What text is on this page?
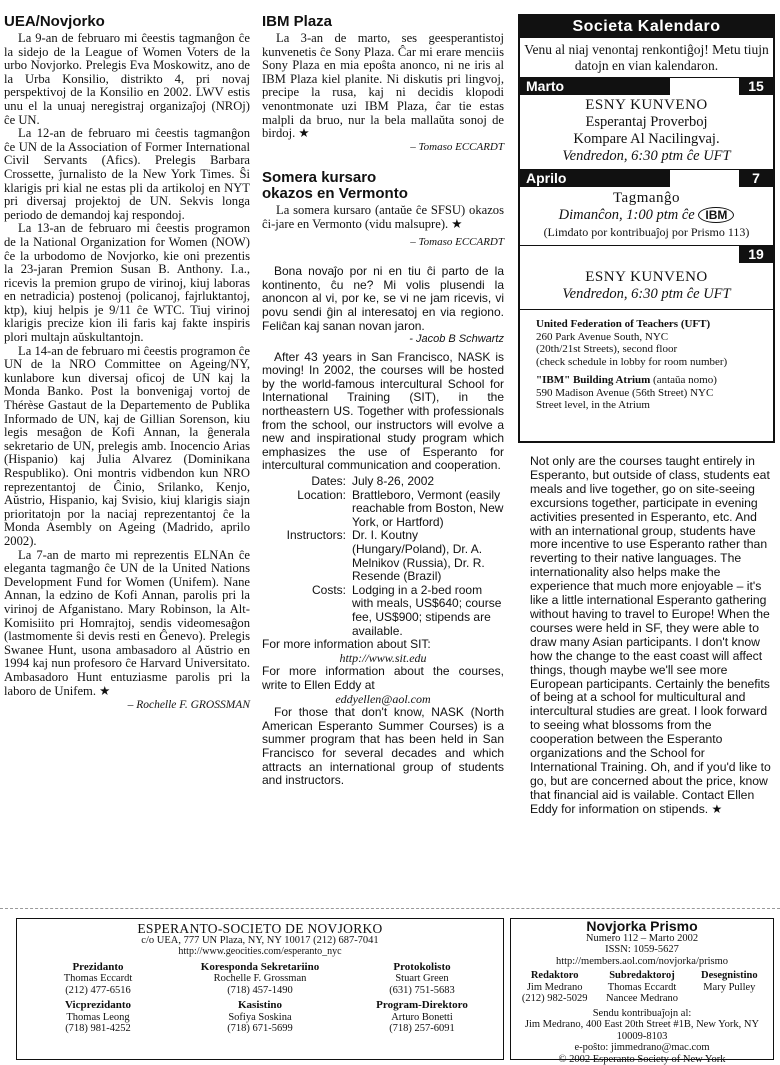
UEA/Novjorko

La 9-an de februaro mi ĉeestis tagmanĝon ĉe la sidejo de la League of Women Voters de la urbo Novjorko. Prelegis Eva Moskowitz, ano de la Urba Konsilio, distrikto 4, pri novaj perspektivoj de la Konsilio en 2002. LWV estis unu el la unuaj neregistraj organizaĵoj (NROj) ĉe UN.

La 12-an de februaro mi ĉeestis tagmanĝon ĉe UN de la Association of Former International Civil Servants (Afics). Prelegis Barbara Crossette, ĵurnalisto de la New York Times. Ŝi klarigis pri kial ne estas pli da artikoloj en NYT pri diversaj projektoj de UN. Sekvis longa periodo de demandoj kaj respondoj.

La 13-an de februaro mi ĉeestis programon de la National Organization for Women (NOW) ĉe la urbodomo de Novjorko, kie oni prezentis la 23-jaran Premion Susan B. Anthony. I.a., ricevis la premion grupo de virinoj, kiuj laboras en netradicia) postenoj (policanoj, fajrluktantoj, ktp), kiuj helpis je 9/11 ĉe WTC. Tiuj virinoj klarigis precize kion ili faris kaj fakte inspiris plori multajn aŭskultantojn.

La 14-an de februaro mi ĉeestis programon ĉe UN de la NRO Committee on Ageing/NY, kunlabore kun diversaj oficoj de UN kaj la Monda Banko. Post la bonvenigaj vortoj de Thérèse Gastaut de la Departemento de Publika Informado de UN, kaj de Gillian Sorenson, kiu legis mesaĝon de Kofi Annan, la ĝenerala sekretario de UN, prelegis amb. Inocencio Arias (Hispanio) kaj Julia Alvarez (Dominikana Respubliko). Oni montris vidbendon kun NRO reprezentantoj de Ĉinio, Srilanko, Kenjo, Aŭstrio, Hispanio, kaj Svisio, kiuj klarigis siajn prioritatojn por la naciaj reprezentantoj ĉe la Monda Asembly on Ageing (Madrido, aprilo 2002).

La 7-an de marto mi reprezentis ELNAn ĉe eleganta tagmanĝo ĉe UN de la United Nations Development Fund for Women (Unifem). Nane Annan, la edzino de Kofi Annan, parolis pri la virinoj de Afganistano. Mary Robinson, la Alt-Komisiito pri Homrajtoj, sendis videomesaĝon (lastmomente ŝi devis resti en Ĝenevo). Prelegis Swanee Hunt, usona ambasadoro al Aŭstrio en 1994 kaj nun profesoro ĉe Harvard Universitato. Ambasadoro Hunt entuziasme parolis pri la laboro de Unifem. ★

– Rochelle F. GROSSMAN
IBM Plaza

La 3-an de marto, ses geesperantistoj kunvenetis ĉe Sony Plaza. Ĉar mi erare menciis Sony Plaza en mia epoŝta anonco, ni ne iris al IBM Plaza kiel planite. Ni diskutis pri lingvoj, precipe la rusa, kaj ni decidis klopodi venontmonate uzi IBM Plaza, ĉar tie estas malpli da bruo, nur la bela mallaŭta sonoj de birdoj. ★

– Tomaso ECCARDT
Somera kursaro
okazos en Vermonto

La somera kursaro (antaŭe ĉe SFSU) okazos ĉi-jare en Vermonto (vidu malsupre). ★

– Tomaso ECCARDT

Bona novaĵo por ni en tiu ĉi parto de la kontinento, ĉu ne? Mi volis plusendi la anoncon al vi, por ke, se vi ne jam ricevis, vi povu sendi ĝin al interesatoj en via regiono. Feliĉan kaj sanan novan jaron.

- Jacob B Schwartz

After 43 years in San Francisco, NASK is moving! In 2002, the courses will be hosted by the world-famous intercultural School for International Training (SIT), in the northeastern US. Together with professionals from the school, our instructors will evolve a new and inspirational study program which emphasizes the use of Esperanto for intercultural communication and cooperation.

Dates: July 8-26, 2002
Location: Brattleboro, Vermont (easily reachable from Boston, New York, or Hartford)
Instructors: Dr. I. Koutny (Hungary/Poland), Dr. A. Melnikov (Russia), Dr. R. Resende (Brazil)
Costs: Lodging in a 2-bed room with meals, US$640; course fee, US$900; stipends are available.
For more information about SIT:
http://www.sit.edu
For more information about the courses, write to Ellen Eddy at
eddyellen@aol.com

For those that don't know, NASK (North American Esperanto Summer Courses) is a summer program that has been held in San Francisco for several decades and which attracts an international group of students and instructors.

Societa Kalendaro
Venu al niaj venontaj renkontiĝoj! Metu tiujn datojn en vian kalendaron.
Marto	15
ESNY KUNVENO
Esperantaj Proverboj
Kompare Al Nacilingvaj.
Vendredon, 6:30 ptm ĉe UFT
Aprilo	7
Tagmanĝo
Dimanĉon, 1:00 ptm ĉe IBM
(Limdato por kontribuaĵoj por Prismo 113)
19
ESNY KUNVENO
Vendredon, 6:30 ptm ĉe UFT
United Federation of Teachers (UFT)
260 Park Avenue South, NYC
(20th/21st Streets), second floor
(check schedule in lobby for room number)
"IBM" Building Atrium (antaŭa nomo)
590 Madison Avenue (56th Street) NYC
Street level, in the Atrium
Not only are the courses taught entirely in Esperanto, but outside of class, students eat meals and live together, go on site-seeing excursions together, participate in evening activities presented in Esperanto, etc. And with an international group, students have more incentive to use Esperanto rather than reverting to their native languages. The internationality also helps make the experience that much more enjoyable – it's like a little international Esperanto gathering without having to travel to Europe! When the courses were held in SF, they were able to draw many Asian participants. I don't know how the change to the east coast will affect things, though maybe we'll see more European participants. Certainly the benefits of being at a school for multicultural and intercultural studies are great. I look forward to seeing what blossoms from the cooperation between the Esperanto organizations and the School for International Training. Oh, and if you'd like to go, but are concerned about the price, know that financial aid is vailable. Contact Ellen Eddy for information on stipends. ★
ESPERANTO-SOCIETO DE NOVJORKO
c/o UEA, 777 UN Plaza, NY, NY 10017 (212) 687-7041
http://www.geocities.com/esperanto_nyc
Prezidanto
Thomas Eccardt
(212) 477-6516
Koresponda Sekretariino
Rochelle F. Grossman
(718) 457-1490
Protokolisto
Stuart Green
(631) 751-5683
Vicprezidanto
Thomas Leong
(718) 981-4252
Kasistino
Sofiya Soskina
(718) 671-5699
Program-Direktoro
Arturo Bonetti
(718) 257-6091
Novjorka Prismo
Numero 112 – Marto 2002
ISSN: 1059-5627
http://members.aol.com/novjorka/prismo
Redaktoro
Jim Medrano
(212) 982-5029
Subredaktoroj
Thomas Eccardt
Nancee Medrano
Desegnistino
Mary Pulley
Sendu kontribuaĵojn al:
Jim Medrano, 400 East 20th Street #1B, New York, NY 10009-8103
e-poŝto: jimmedrano@mac.com
© 2002 Esperanto Society of New York
